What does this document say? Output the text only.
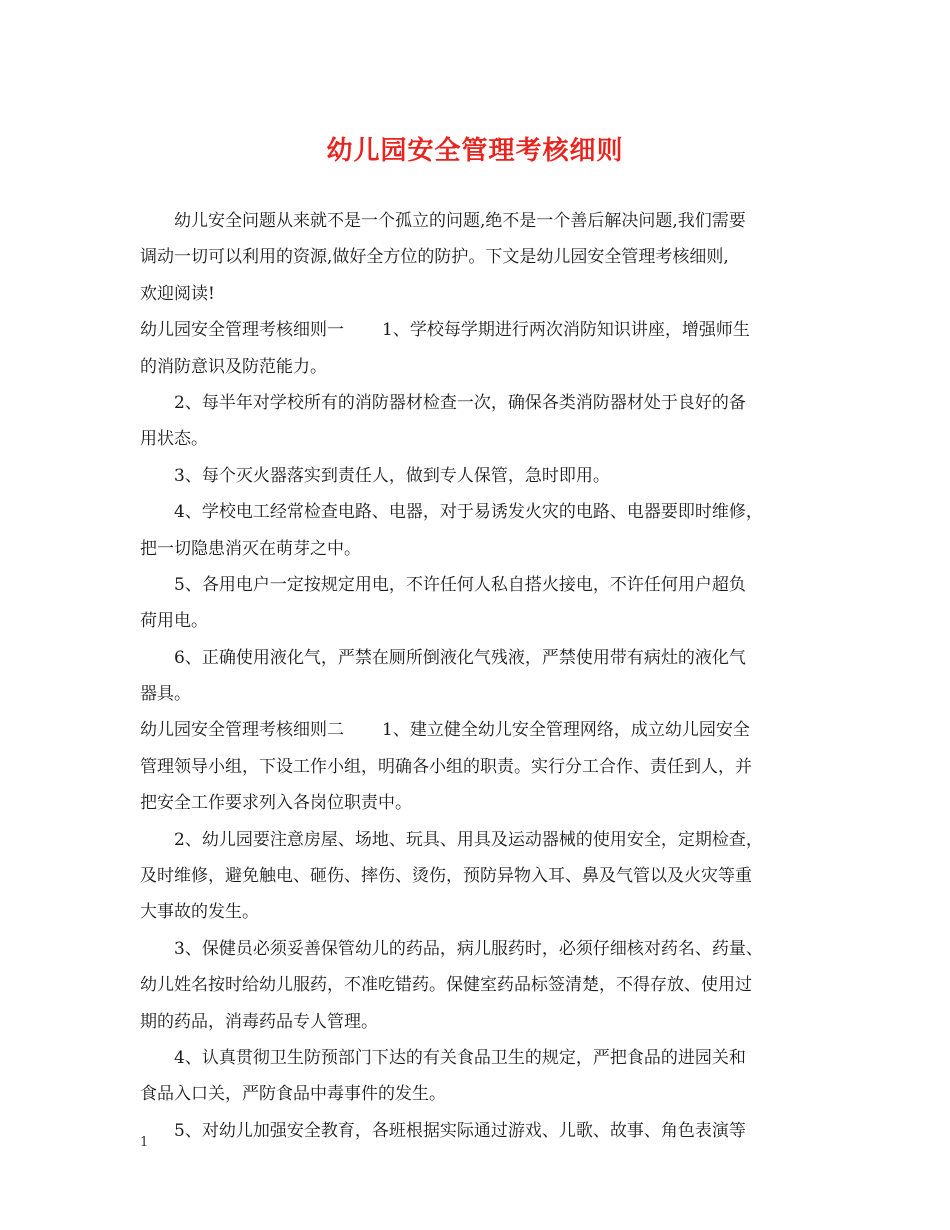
幼儿园安全管理考核细则
幼儿安全问题从来就不是一个孤立的问题,绝不是一个善后解决问题,我们需要
调动一切可以利用的资源,做好全方位的防护。下文是幼儿园安全管理考核细则,
欢迎阅读!
幼儿园安全管理考核细则一 1、学校每学期进行两次消防知识讲座，增强师生
的消防意识及防范能力。
2、每半年对学校所有的消防器材检查一次，确保各类消防器材处于良好的备
用状态。
3、每个灭火器落实到责任人，做到专人保管，急时即用。
4、学校电工经常检查电路、电器，对于易诱发火灾的电路、电器要即时维修，
把一切隐患消灭在萌芽之中。
5、各用电户一定按规定用电，不许任何人私自搭火接电，不许任何用户超负
荷用电。
6、正确使用液化气，严禁在厕所倒液化气残液，严禁使用带有病灶的液化气
器具。
幼儿园安全管理考核细则二 1、建立健全幼儿安全管理网络，成立幼儿园安全
管理领导小组，下设工作小组，明确各小组的职责。实行分工合作、责任到人，并
把安全工作要求列入各岗位职责中。
2、幼儿园要注意房屋、场地、玩具、用具及运动器械的使用安全，定期检查，
及时维修，避免触电、砸伤、摔伤、烫伤，预防异物入耳、鼻及气管以及火灾等重
大事故的发生。
3、保健员必须妥善保管幼儿的药品，病儿服药时，必须仔细核对药名、药量、
幼儿姓名按时给幼儿服药，不准吃错药。保健室药品标签清楚，不得存放、使用过
期的药品，消毒药品专人管理。
4、认真贯彻卫生防预部门下达的有关食品卫生的规定，严把食品的进园关和
食品入口关，严防食品中毒事件的发生。
5、对幼儿加强安全教育，各班根据实际通过游戏、儿歌、故事、角色表演等
1
